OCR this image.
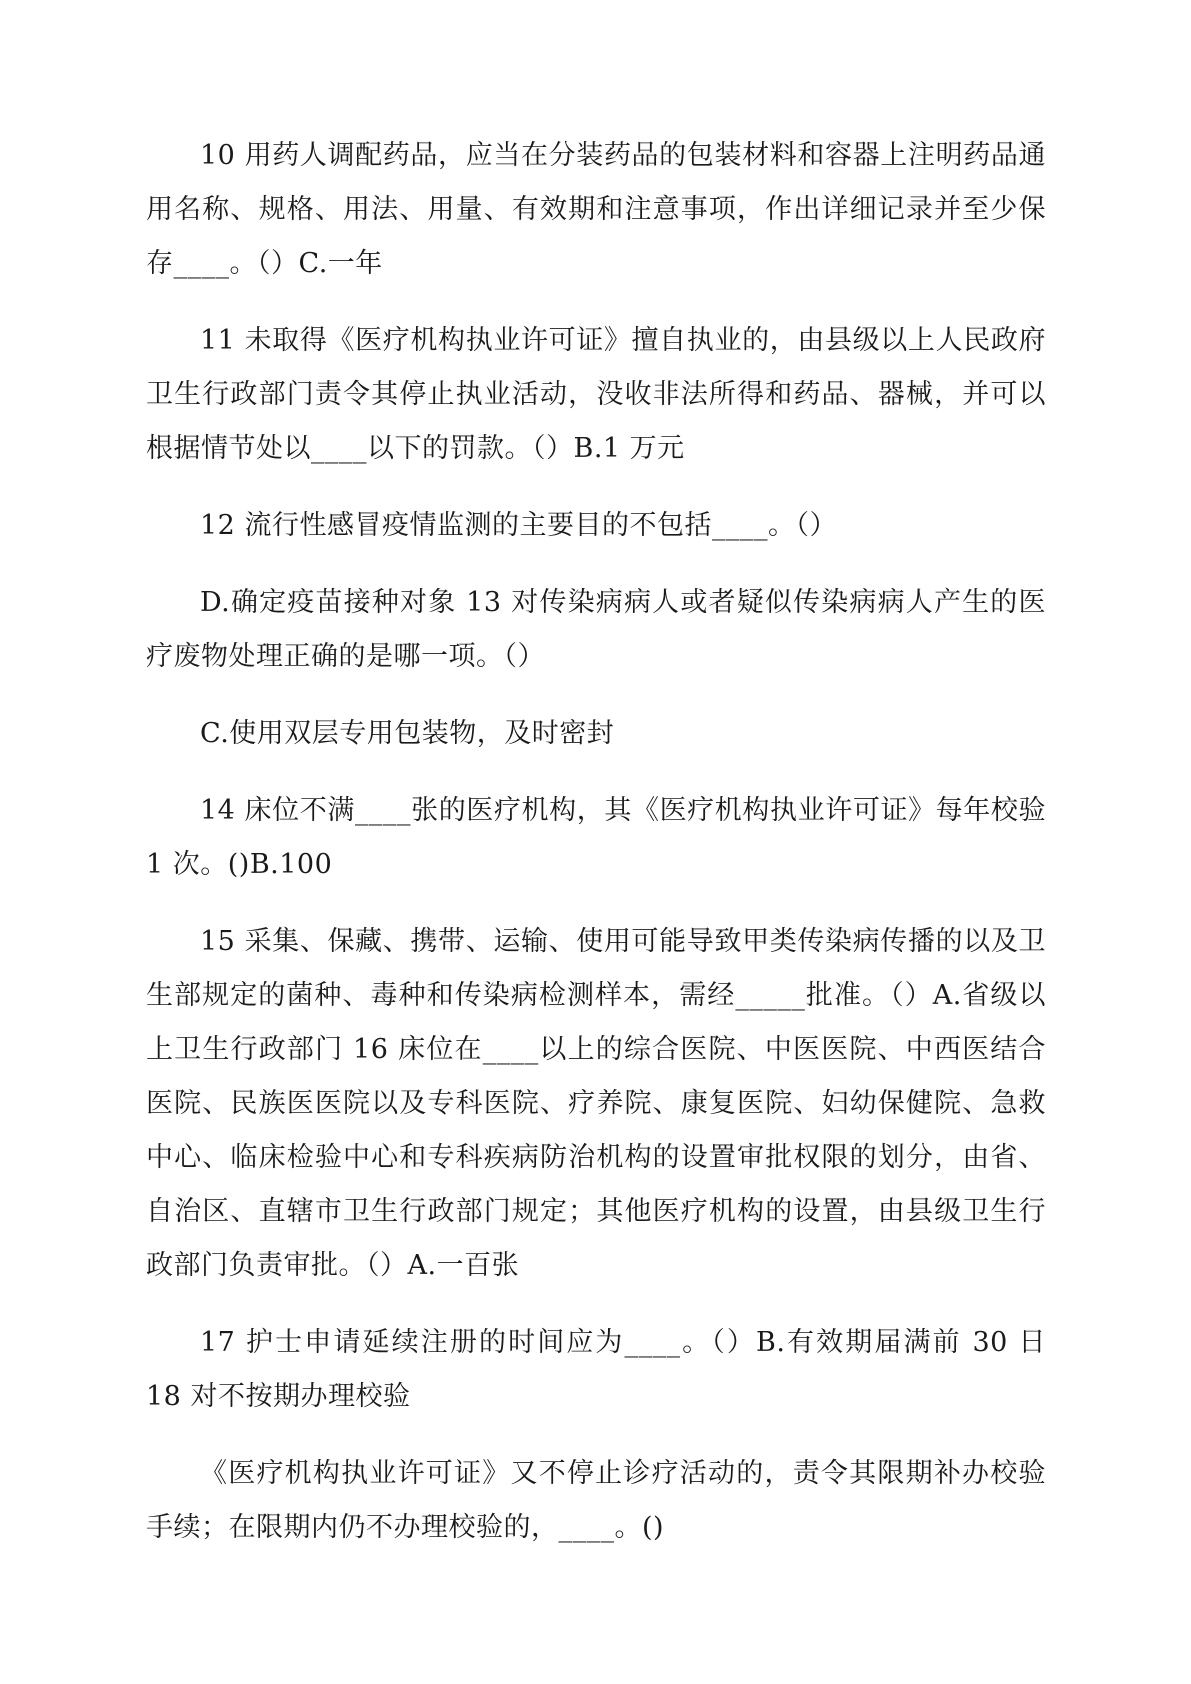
10 用药人调配药品，应当在分装药品的包装材料和容器上注明药品通用名称、规格、用法、用量、有效期和注意事项，作出详细记录并至少保存____。（）C.一年

11 未取得《医疗机构执业许可证》擅自执业的，由县级以上人民政府卫生行政部门责令其停止执业活动，没收非法所得和药品、器械，并可以根据情节处以____以下的罚款。（）B.1 万元

12 流行性感冒疫情监测的主要目的不包括____。（）

D.确定疫苗接种对象 13 对传染病病人或者疑似传染病病人产生的医疗废物处理正确的是哪一项。（）

C.使用双层专用包装物，及时密封

14 床位不满____张的医疗机构，其《医疗机构执业许可证》每年校验 1 次。()B.100

15 采集、保藏、携带、运输、使用可能导致甲类传染病传播的以及卫生部规定的菌种、毒种和传染病检测样本，需经_____批准。（）A.省级以上卫生行政部门 16 床位在____以上的综合医院、中医医院、中西医结合医院、民族医医院以及专科医院、疗养院、康复医院、妇幼保健院、急救中心、临床检验中心和专科疾病防治机构的设置审批权限的划分，由省、自治区、直辖市卫生行政部门规定；其他医疗机构的设置，由县级卫生行政部门负责审批。（）A.一百张

17 护士申请延续注册的时间应为____。（）B.有效期届满前 30 日 18 对不按期办理校验

《医疗机构执业许可证》又不停止诊疗活动的，责令其限期补办校验手续；在限期内仍不办理校验的，____。()
